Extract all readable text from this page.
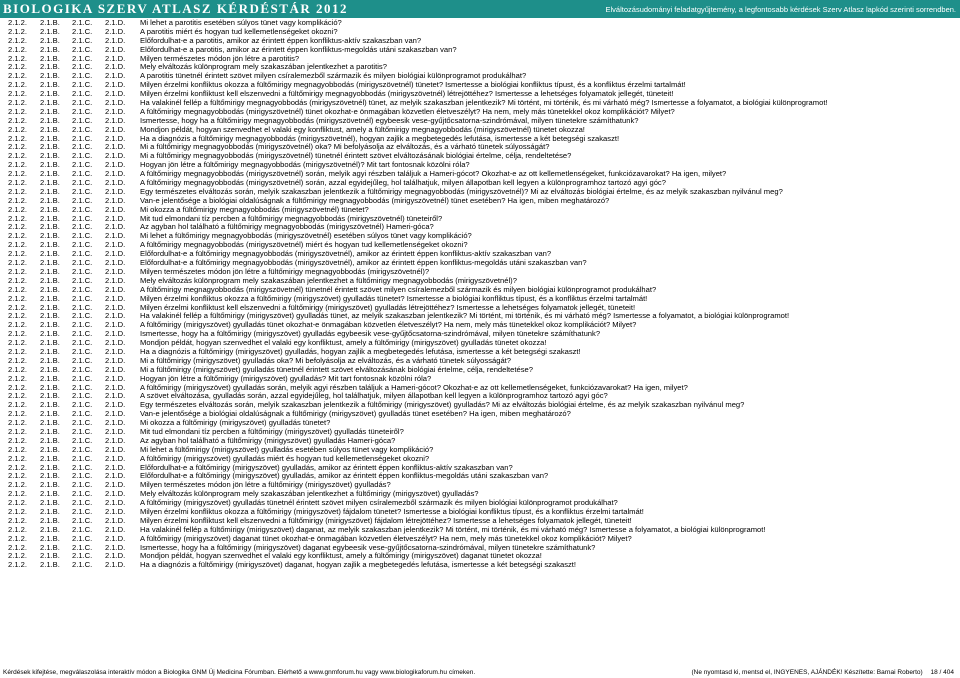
BIOLOGIKA SZERV ATLASZ KÉRDÉSTÁR 2012	Elváltozásudományi feladatgyűjtemény, a legfontosabb kérdések Szerv Atlasz lapkód szerinti sorrendben.
2.1.2.	2.1.B.	2.1.C.	2.1.D.	Mi lehet a parotitis esetében súlyos tünet vagy komplikáció?
2.1.2.	2.1.B.	2.1.C.	2.1.D.	A parotitis miért és hogyan tud kellemetlenségeket okozni?
2.1.2.	2.1.B.	2.1.C.	2.1.D.	Előfordulhat-e a parotitis, amikor az érintett éppen konfliktus-aktív szakaszban van?
2.1.2.	2.1.B.	2.1.C.	2.1.D.	Előfordulhat-e a parotitis, amikor az érintett éppen konfliktus-megoldás utáni szakaszban van?
2.1.2.	2.1.B.	2.1.C.	2.1.D.	Milyen természetes módon jön létre a parotitis?
2.1.2.	2.1.B.	2.1.C.	2.1.D.	Mely elváltozás különprogram mely szakaszában jelentkezhet a parotitis?
2.1.2.	2.1.B.	2.1.C.	2.1.D.	A parotitis tünetnél érintett szövet milyen csíralemezből származik és milyen biológiai különprogramot produkálhat?
2.1.2.	2.1.B.	2.1.C.	2.1.D.	Milyen érzelmi konfliktus okozza a fültőmirigy megnagyobbodás (mirigyszövetnél) tünetet? Ismertesse a biológiai konfliktus típust, és a konfliktus érzelmi tartalmát!
2.1.2.	2.1.B.	2.1.C.	2.1.D.	Milyen érzelmi konfliktust kell elszenvedni a fültőmirigy megnagyobbodás (mirigyszövetnél) létrejöttéhez? Ismertesse a lehetséges folyamatok jellegét, tüneteit!
2.1.2.	2.1.B.	2.1.C.	2.1.D.	Ha valakinél fellép a fültőmirigy megnagyobbodás (mirigyszövetnél) tünet, az melyik szakaszban jelentkezik? Mi történt, mi történik, és mi várható még? Ismertesse a folyamatot, a biológiai különprogramot!
2.1.2.	2.1.B.	2.1.C.	2.1.D.	A fültőmirigy megnagyobbodás (mirigyszövetnél) tünet okozhat-e önmagában közvetlen életveszélyt? Ha nem, mely más tünetekkel okoz komplikációt? Milyet?
2.1.2.	2.1.B.	2.1.C.	2.1.D.	Ismertesse, hogy ha a fültőmirigy megnagyobbodás (mirigyszövetnél) egybeesik vese-gyűjtőcsatorna-szindrómával, milyen tünetekre számíthatunk?
2.1.2.	2.1.B.	2.1.C.	2.1.D.	Mondjon példát, hogyan szenvedhet el valaki egy konfliktust, amely a fültőmirigy megnagyobbodás (mirigyszövetnél) tünetet okozza!
2.1.2.	2.1.B.	2.1.C.	2.1.D.	Ha a diagnózis a fültőmirigy megnagyobbodás (mirigyszövetnél), hogyan zajlik a megbetegedés lefutása, ismertesse a két betegségi szakaszt!
2.1.2.	2.1.B.	2.1.C.	2.1.D.	Mi a fültőmirigy megnagyobbodás (mirigyszövetnél) oka? Mi befolyásolja az elváltozás, és a várható tünetek súlyosságát?
2.1.2.	2.1.B.	2.1.C.	2.1.D.	Mi a fültőmirigy megnagyobbodás (mirigyszövetnél) tünetnél érintett szövet elváltozásának biológiai értelme, célja, rendeltetése?
2.1.2.	2.1.B.	2.1.C.	2.1.D.	Hogyan jön létre a fültőmirigy megnagyobbodás (mirigyszövetnél)? Mit tart fontosnak közölni róla?
2.1.2.	2.1.B.	2.1.C.	2.1.D.	A fültőmirigy megnagyobbodás (mirigyszövetnél) során, melyik agyi részben találjuk a Hameri-gócot? Okozhat-e az ott kellemetlenségeket, funkciózavarokat? Ha igen, milyet?
2.1.2.	2.1.B.	2.1.C.	2.1.D.	A fültőmirigy megnagyobbodás (mirigyszövetnél) során, azzal egyidejűleg, hol találhatjuk, milyen állapotban kell legyen a különprogramhoz tartozó agyi góc?
2.1.2.	2.1.B.	2.1.C.	2.1.D.	Egy természetes elváltozás során, melyik szakaszban jelentkezik a fültőmirigy megnagyobbodás (mirigyszövetnél)? Mi az elváltozás biológiai értelme, és az melyik szakaszban nyilvánul meg?
2.1.2.	2.1.B.	2.1.C.	2.1.D.	Van-e jelentősége a biológiai oldalúságnak a fültőmirigy megnagyobbodás (mirigyszövetnél) tünet esetében? Ha igen, miben meghatározó?
2.1.2.	2.1.B.	2.1.C.	2.1.D.	Mi okozza a fültőmirigy megnagyobbodás (mirigyszövetnél) tünetet?
2.1.2.	2.1.B.	2.1.C.	2.1.D.	Mit tud elmondani tíz percben a fültőmirigy megnagyobbodás (mirigyszövetnél) tüneteiről?
2.1.2.	2.1.B.	2.1.C.	2.1.D.	Az agyban hol található a fültőmirigy megnagyobbodás (mirigyszövetnél) Hameri-góca?
2.1.2.	2.1.B.	2.1.C.	2.1.D.	Mi lehet a fültőmirigy megnagyobbodás (mirigyszövetnél) esetében súlyos tünet vagy komplikáció?
2.1.2.	2.1.B.	2.1.C.	2.1.D.	A fültőmirigy megnagyobbodás (mirigyszövetnél) miért és hogyan tud kellemetlenségeket okozni?
2.1.2.	2.1.B.	2.1.C.	2.1.D.	Előfordulhat-e a fültőmirigy megnagyobbodás (mirigyszövetnél), amikor az érintett éppen konfliktus-aktív szakaszban van?
2.1.2.	2.1.B.	2.1.C.	2.1.D.	Előfordulhat-e a fültőmirigy megnagyobbodás (mirigyszövetnél), amikor az érintett éppen konfliktus-megoldás utáni szakaszban van?
2.1.2.	2.1.B.	2.1.C.	2.1.D.	Milyen természetes módon jön létre a fültőmirigy megnagyobbodás (mirigyszövetnél)?
2.1.2.	2.1.B.	2.1.C.	2.1.D.	Mely elváltozás különprogram mely szakaszában jelentkezhet a fültőmirigy megnagyobbodás (mirigyszövetnél)?
2.1.2.	2.1.B.	2.1.C.	2.1.D.	A fültőmirigy megnagyobbodás (mirigyszövetnél) tünetnél érintett szövet milyen csíralemezből származik és milyen biológiai különprogramot produkálhat?
2.1.2.	2.1.B.	2.1.C.	2.1.D.	Milyen érzelmi konfliktus okozza a fültőmirigy (mirigyszövet) gyulladás tünetet? Ismertesse a biológiai konfliktus típust, és a konfliktus érzelmi tartalmát!
2.1.2.	2.1.B.	2.1.C.	2.1.D.	Milyen érzelmi konfliktust kell elszenvedni a fültőmirigy (mirigyszövet) gyulladás létrejöttéhez? Ismertesse a lehetséges folyamatok jellegét, tüneteit!
2.1.2.	2.1.B.	2.1.C.	2.1.D.	Ha valakinél fellép a fültőmirigy (mirigyszövet) gyulladás tünet, az melyik szakaszban jelentkezik? Mi történt, mi történik, és mi várható még? Ismertesse a folyamatot, a biológiai különprogramot!
2.1.2.	2.1.B.	2.1.C.	2.1.D.	A fültőmirigy (mirigyszövet) gyulladás tünet okozhat-e önmagában közvetlen életveszélyt? Ha nem, mely más tünetekkel okoz komplikációt? Milyet?
2.1.2.	2.1.B.	2.1.C.	2.1.D.	Ismertesse, hogy ha a fültőmirigy (mirigyszövet) gyulladás egybeesik vese-gyűjtőcsatorna-szindrómával, milyen tünetekre számíthatunk?
2.1.2.	2.1.B.	2.1.C.	2.1.D.	Mondjon példát, hogyan szenvedhet el valaki egy konfliktust, amely a fültőmirigy (mirigyszövet) gyulladás tünetet okozza!
2.1.2.	2.1.B.	2.1.C.	2.1.D.	Ha a diagnózis a fültőmirigy (mirigyszövet) gyulladás, hogyan zajlik a megbetegedés lefutása, ismertesse a két betegségi szakaszt!
2.1.2.	2.1.B.	2.1.C.	2.1.D.	Mi a fültőmirigy (mirigyszövet) gyulladás oka? Mi befolyásolja az elváltozás, és a várható tünetek súlyosságát?
2.1.2.	2.1.B.	2.1.C.	2.1.D.	Mi a fültőmirigy (mirigyszövet) gyulladás tünetnél érintett szövet elváltozásának biológiai értelme, célja, rendeltetése?
2.1.2.	2.1.B.	2.1.C.	2.1.D.	Hogyan jön létre a fültőmirigy (mirigyszövet) gyulladás? Mit tart fontosnak közölni róla?
2.1.2.	2.1.B.	2.1.C.	2.1.D.	A fültőmirigy (mirigyszövet) gyulladás során, melyik agyi részben találjuk a Hameri-gócot? Okozhat-e az ott kellemetlenségeket, funkciózavarokat? Ha igen, milyet?
2.1.2.	2.1.B.	2.1.C.	2.1.D.	A szövet elváltozása, gyulladás során, azzal egyidejűleg, hol találhatjuk, milyen állapotban kell legyen a különprogramhoz tartozó agyi góc?
2.1.2.	2.1.B.	2.1.C.	2.1.D.	Egy természetes elváltozás során, melyik szakaszban jelentkezik a fültőmirigy (mirigyszövet) gyulladás? Mi az elváltozás biológiai értelme, és az melyik szakaszban nyilvánul meg?
2.1.2.	2.1.B.	2.1.C.	2.1.D.	Van-e jelentősége a biológiai oldalúságnak a fültőmirigy (mirigyszövet) gyulladás tünet esetében? Ha igen, miben meghatározó?
2.1.2.	2.1.B.	2.1.C.	2.1.D.	Mi okozza a fültőmirigy (mirigyszövet) gyulladás tünetet?
2.1.2.	2.1.B.	2.1.C.	2.1.D.	Mit tud elmondani tíz percben a fültőmirigy (mirigyszövet) gyulladás tüneteiről?
2.1.2.	2.1.B.	2.1.C.	2.1.D.	Az agyban hol található a fültőmirigy (mirigyszövet) gyulladás Hameri-góca?
2.1.2.	2.1.B.	2.1.C.	2.1.D.	Mi lehet a fültőmirigy (mirigyszövet) gyulladás esetében súlyos tünet vagy komplikáció?
2.1.2.	2.1.B.	2.1.C.	2.1.D.	A fültőmirigy (mirigyszövet) gyulladás miért és hogyan tud kellemetlenségeket okozni?
2.1.2.	2.1.B.	2.1.C.	2.1.D.	Előfordulhat-e a fültőmirigy (mirigyszövet) gyulladás, amikor az érintett éppen konfliktus-aktív szakaszban van?
2.1.2.	2.1.B.	2.1.C.	2.1.D.	Előfordulhat-e a fültőmirigy (mirigyszövet) gyulladás, amikor az érintett éppen konfliktus-megoldás utáni szakaszban van?
2.1.2.	2.1.B.	2.1.C.	2.1.D.	Milyen természetes módon jön létre a fültőmirigy (mirigyszövet) gyulladás?
2.1.2.	2.1.B.	2.1.C.	2.1.D.	Mely elváltozás különprogram mely szakaszában jelentkezhet a fültőmirigy (mirigyszövet) gyulladás?
2.1.2.	2.1.B.	2.1.C.	2.1.D.	A fültőmirigy (mirigyszövet) gyulladás tünetnél érintett szövet milyen csíralemezből származik és milyen biológiai különprogramot produkálhat?
2.1.2.	2.1.B.	2.1.C.	2.1.D.	Milyen érzelmi konfliktus okozza a fültőmirigy (mirigyszövet) fájdalom tünetet? Ismertesse a biológiai konfliktus típust, és a konfliktus érzelmi tartalmát!
2.1.2.	2.1.B.	2.1.C.	2.1.D.	Milyen érzelmi konfliktust kell elszenvedni a fültőmirigy (mirigyszövet) fájdalom létrejöttéhez? Ismertesse a lehetséges folyamatok jellegét, tüneteit!
2.1.2.	2.1.B.	2.1.C.	2.1.D.	Ha valakinél fellép a fültőmirigy (mirigyszövet) daganat, az melyik szakaszban jelentkezik? Mi történt, mi történik, és mi várható még? Ismertesse a folyamatot, a biológiai különprogramot!
2.1.2.	2.1.B.	2.1.C.	2.1.D.	A fültőmirigy (mirigyszövet) daganat tünet okozhat-e önmagában közvetlen életveszélyt? Ha nem, mely más tünetekkel okoz komplikációt? Milyet?
2.1.2.	2.1.B.	2.1.C.	2.1.D.	Ismertesse, hogy ha a fültőmirigy (mirigyszövet) daganat egybeesik vese-gyűjtőcsatorna-szindrómával, milyen tünetekre számíthatunk?
2.1.2.	2.1.B.	2.1.C.	2.1.D.	Mondjon példát, hogyan szenvedhet el valaki egy konfliktust, amely a fültőmirigy (mirigyszövet) daganat tünetet okozza!
2.1.2.	2.1.B.	2.1.C.	2.1.D.	Ha a diagnózis a fültőmirigy (mirigyszövet) daganat, hogyan zajlik a megbetegedés lefutása, ismertesse a két betegségi szakaszt!
Kérdések kifejtése, megválaszolása interaktív módon a Biologika GNM Új Medicina Fórumban. Elérhető a www.gnmforum.hu vagy www.biologikaforum.hu címeken.	(Ne nyomtasd ki, mentsd el, INGYENES, AJÁNDÉK! Készítette: Barnai Roberto) 18 / 404
